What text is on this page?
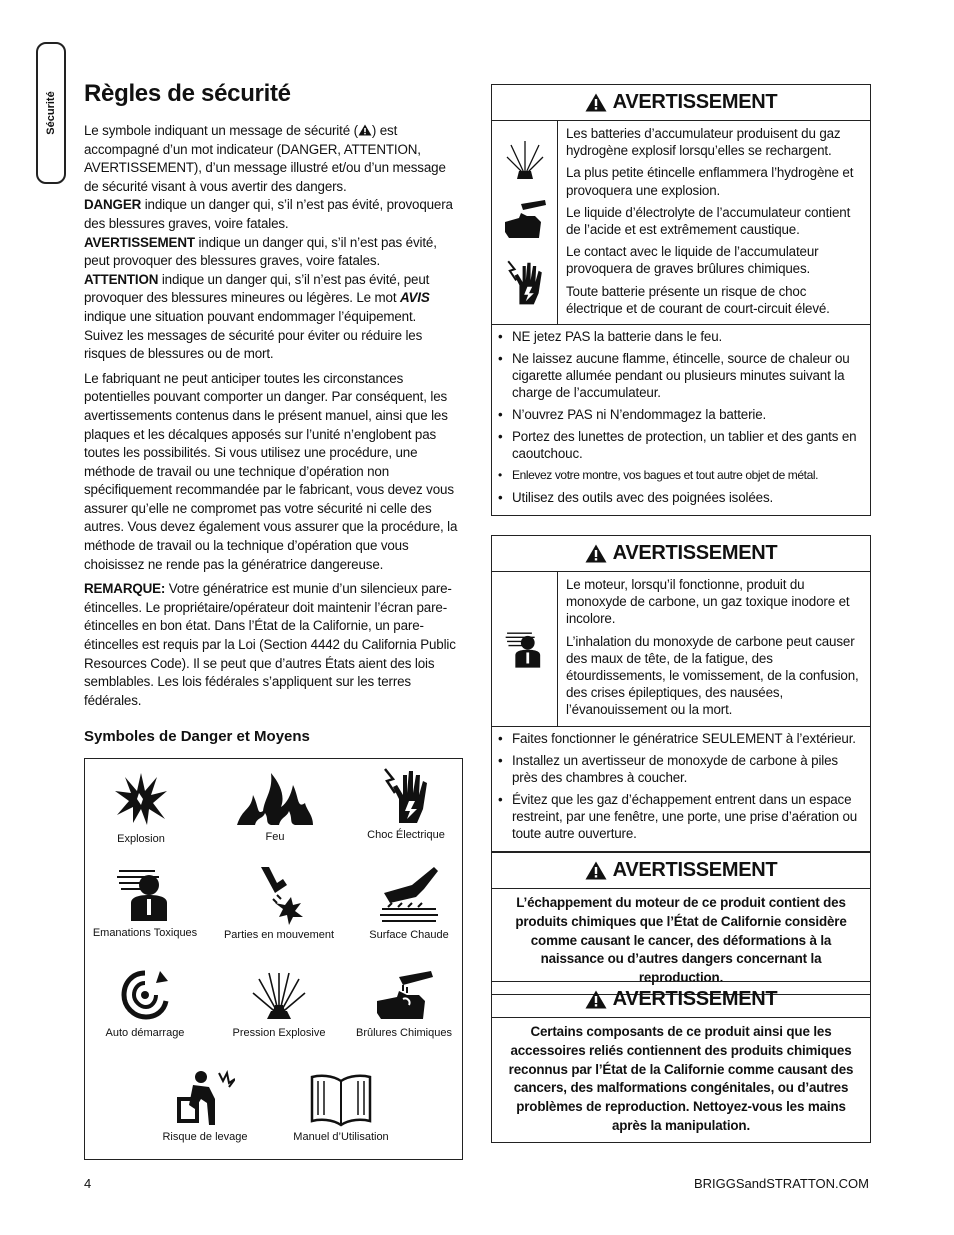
Sécurité Règles de sécurité

Le symbole indiquant un message de sécurité ( ) est accompagné d’un mot indicateur (DANGER, ATTENTION, AVERTISSEMENT), d’un message illustré et/ou d’un message de sécurité visant à vous avertir des dangers.
DANGER indique un danger qui, s’il n’est pas évité, provoquera des blessures graves, voire fatales.
AVERTISSEMENT indique un danger qui, s’il n’est pas évité, peut provoquer des blessures graves, voire fatales.
ATTENTION indique un danger qui, s’il n’est pas évité, peut provoquer des blessures mineures ou légères. Le mot AVIS indique une situation pouvant endommager l’équipement. Suivez les messages de sécurité pour éviter ou réduire les risques de blessures ou de mort.

Le fabriquant ne peut anticiper toutes les circonstances potentielles pouvant comporter un danger. Par conséquent, les avertissements contenus dans le présent manuel, ainsi que les plaques et les décalques apposés sur l’unité n’englobent pas toutes les possibilités. Si vous utilisez une procédure, une méthode de travail ou une technique d’opération non spécifiquement recommandée par le fabricant, vous devez vous assurer qu’elle ne compromet pas votre sécurité ni celle des autres. Vous devez également vous assurer que la procédure, la méthode de travail ou la technique d’opération que vous choisissez ne rende pas la génératrice dangereuse.

REMARQUE: Votre génératrice est munie d’un silencieux pare-étincelles. Le propriétaire/opérateur doit maintenir l’écran pare-étincelles en bon état. Dans l’État de la Californie, un pare-étincelles est requis par la Loi (Section 4442 du California Public Resources Code). Il se peut que d’autres États aient des lois semblables. Les lois fédérales s’appliquent sur les terres fédérales.

Symboles de Danger et Moyens
Explosion	Feu	Choc Électrique
Emanations Toxiques	Parties en mouvement	Surface Chaude
Auto démarrage	Pression Explosive	Brûlures Chimiques
Risque de levage	Manuel d’Utilisation
AVERTISSEMENT

Les batteries d’accumulateur produisent du gaz hydrogène explosif lorsqu’elles se rechargent.

La plus petite étincelle enflammera l’hydrogène et provoquera une explosion.

Le liquide d’électrolyte de l’accumulateur contient de l’acide et est extrêmement caustique.

Le contact avec le liquide de l’accumulateur provoquera de graves brûlures chimiques.

Toute batterie présente un risque de choc électrique et de courant de court-circuit élevé.

• NE jetez PAS la batterie dans le feu.
• Ne laissez aucune flamme, étincelle, source de chaleur ou cigarette allumée pendant ou plusieurs minutes suivant la charge de l’accumulateur.
• N’ouvrez PAS ni N’endommagez la batterie.
• Portez des lunettes de protection, un tablier et des gants en caoutchouc.
• Enlevez votre montre, vos bagues et tout autre objet de métal.
• Utilisez des outils avec des poignées isolées.
AVERTISSEMENT

Le moteur, lorsqu’il fonctionne, produit du monoxyde de carbone, un gaz toxique inodore et incolore.

L’inhalation du monoxyde de carbone peut causer des maux de tête, de la fatigue, des étourdissements, le vomissement, de la confusion, des crises épileptiques, des nausées, l’évanouissement ou la mort.

• Faites fonctionner le génératrice SEULEMENT à l’extérieur.
• Installez un avertisseur de monoxyde de carbone à piles près des chambres à coucher.
• Évitez que les gaz d’échappement entrent dans un espace restreint, par une fenêtre, une porte, une prise d’aération ou toute autre ouverture.
AVERTISSEMENT
L’échappement du moteur de ce produit contient des produits chimiques que l’État de Californie considère comme causant le cancer, des déformations à la naissance ou d’autres dangers concernant la reproduction.
AVERTISSEMENT
Certains composants de ce produit ainsi que les accessoires reliés contiennent des produits chimiques reconnus par l’État de la Californie comme causant des cancers, des malformations congénitales, ou d’autres problèmes de reproduction. Nettoyez-vous les mains après la manipulation.
4	BRIGGSandSTRATTON.COM
